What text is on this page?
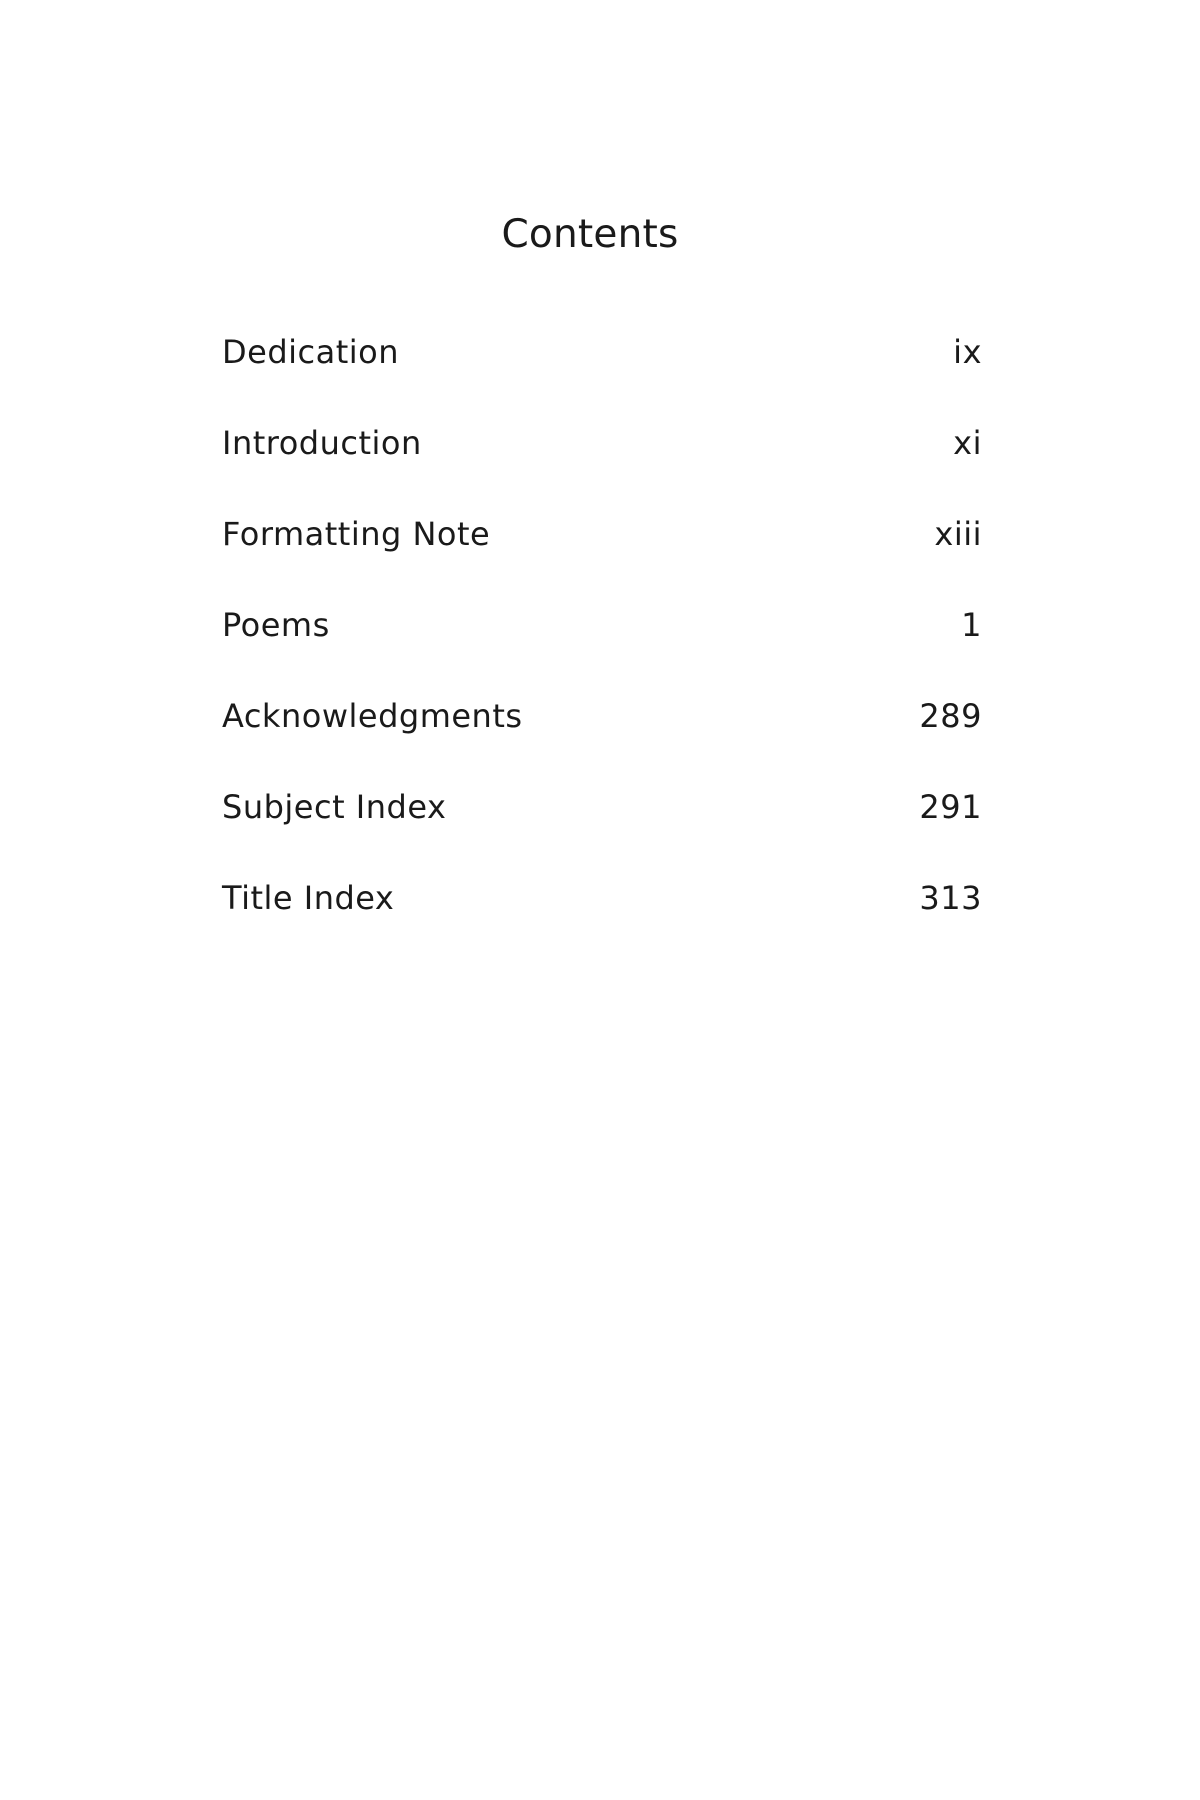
Contents
Dedication	ix
Introduction	xi
Formatting Note	xiii
Poems	1
Acknowledgments	289
Subject Index	291
Title Index	313
